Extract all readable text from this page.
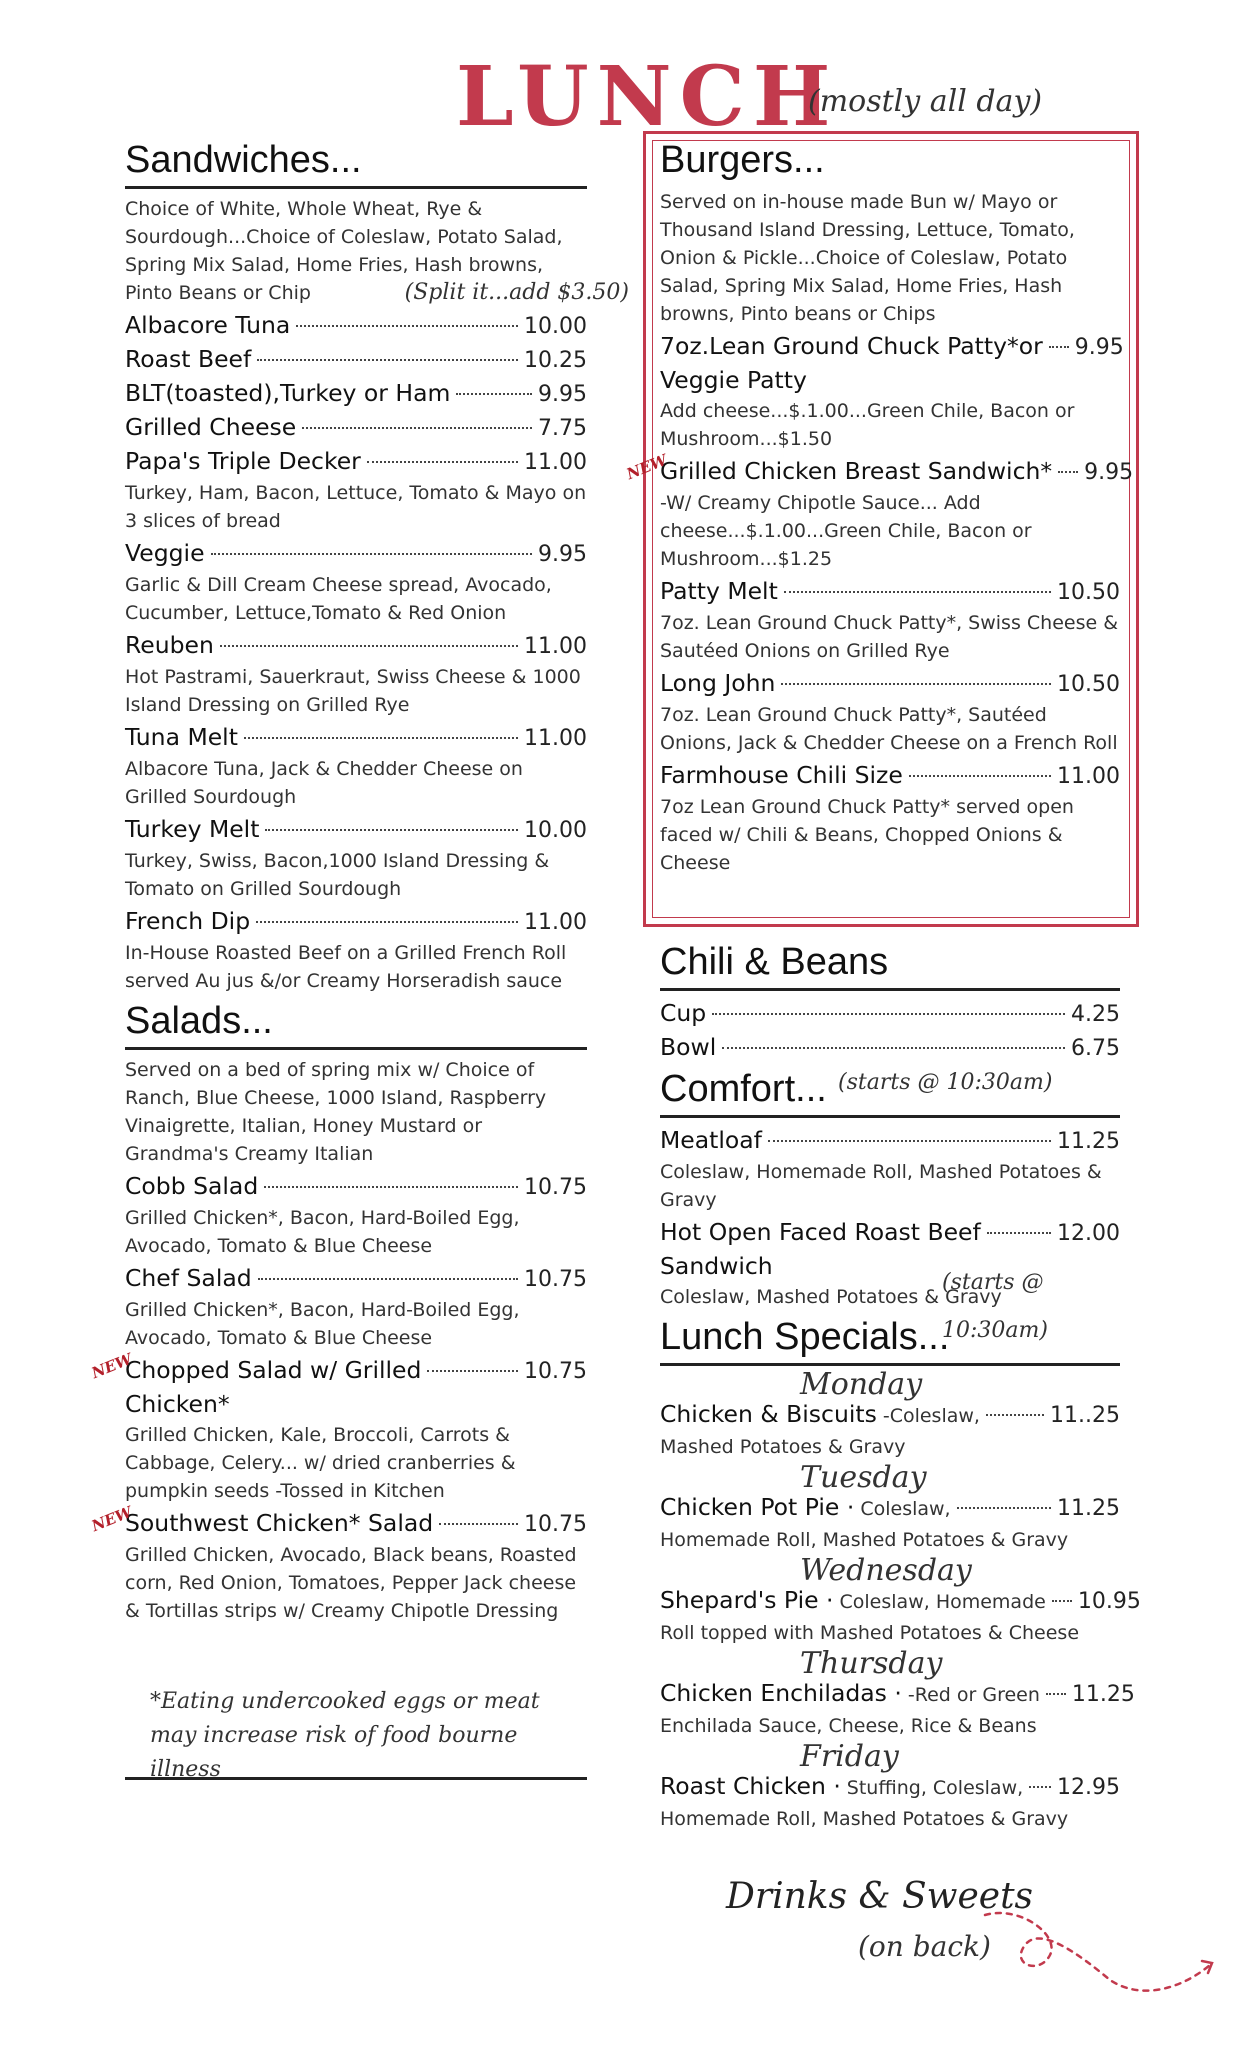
LUNCH
(mostly all day)
Sandwiches...
Choice of White, Whole Wheat, Rye & Sourdough...Choice of Coleslaw, Potato Salad, Spring Mix Salad, Home Fries, Hash browns, Pinto Beans or Chip	(Split it...add $3.50)
Albacore Tuna	10.00
Roast Beef	10.25
BLT(toasted),Turkey or Ham	9.95
Grilled Cheese	7.75
Papa's Triple Decker	11.00
Turkey, Ham, Bacon, Lettuce, Tomato & Mayo on 3 slices of bread
Veggie	9.95
Garlic & Dill Cream Cheese spread, Avocado, Cucumber, Lettuce,Tomato & Red Onion
Reuben	11.00
Hot Pastrami, Sauerkraut, Swiss Cheese & 1000 Island Dressing on Grilled Rye
Tuna Melt	11.00
Albacore Tuna, Jack & Chedder Cheese on Grilled Sourdough
Turkey Melt	10.00
Turkey, Swiss, Bacon,1000 Island Dressing & Tomato on Grilled Sourdough
French Dip	11.00
In-House Roasted Beef on a Grilled French Roll served Au jus &/or Creamy Horseradish sauce
Salads...
Served on a bed of spring mix w/ Choice of Ranch, Blue Cheese, 1000 Island, Raspberry Vinaigrette, Italian, Honey Mustard or Grandma's Creamy Italian
Cobb Salad	10.75
Grilled Chicken*, Bacon, Hard-Boiled Egg, Avocado, Tomato & Blue Cheese
Chef Salad	10.75
Grilled Chicken*, Bacon, Hard-Boiled Egg, Avocado, Tomato & Blue Cheese
NEW
Chopped Salad w/ Grilled	10.75
Chicken*
Grilled Chicken, Kale, Broccoli, Carrots & Cabbage, Celery... w/ dried cranberries & pumpkin seeds -Tossed in Kitchen
NEW
Southwest Chicken* Salad	10.75
Grilled Chicken, Avocado, Black beans, Roasted corn, Red Onion, Tomatoes, Pepper Jack cheese & Tortillas strips w/ Creamy Chipotle Dressing
*Eating undercooked eggs or meat may increase risk of food bourne illness
Burgers...
Served on in-house made Bun w/ Mayo or Thousand Island Dressing, Lettuce, Tomato, Onion & Pickle...Choice of Coleslaw, Potato Salad, Spring Mix Salad, Home Fries, Hash browns, Pinto beans or Chips
7oz.Lean Ground Chuck Patty*or 9.95
Veggie Patty
Add cheese...$.1.00...Green Chile, Bacon or Mushroom...$1.50
NEW
Grilled Chicken Breast Sandwich* 9.95
-W/ Creamy Chipotle Sauce... Add cheese...$.1.00...Green Chile, Bacon or Mushroom...$1.25
Patty Melt	10.50
7oz. Lean Ground Chuck Patty*, Swiss Cheese & Sautéed Onions on Grilled Rye
Long John	10.50
7oz. Lean Ground Chuck Patty*, Sautéed Onions, Jack & Chedder Cheese on a French Roll
Farmhouse Chili Size	11.00
7oz Lean Ground Chuck Patty* served open faced w/ Chili & Beans, Chopped Onions & Cheese
Chili & Beans
Cup	4.25
Bowl	6.75
Comfort... (starts @ 10:30am)
Meatloaf	11.25
Coleslaw, Homemade Roll, Mashed Potatoes & Gravy
Hot Open Faced Roast Beef	12.00
Sandwich
Coleslaw, Mashed Potatoes & Gravy
Lunch Specials...
(starts @ 10:30am)
Monday
Chicken & Biscuits -Coleslaw,	11..25
Mashed Potatoes & Gravy
Tuesday
Chicken Pot Pie · Coleslaw,	11.25
Homemade Roll, Mashed Potatoes & Gravy
Wednesday
Shepard's Pie · Coleslaw, Homemade 10.95
Roll topped with Mashed Potatoes & Cheese
Thursday
Chicken Enchiladas · -Red or Green 11.25
Enchilada Sauce, Cheese, Rice & Beans
Friday
Roast Chicken · Stuffing, Coleslaw, 12.95
Homemade Roll, Mashed Potatoes & Gravy
Drinks & Sweets
(on back)
